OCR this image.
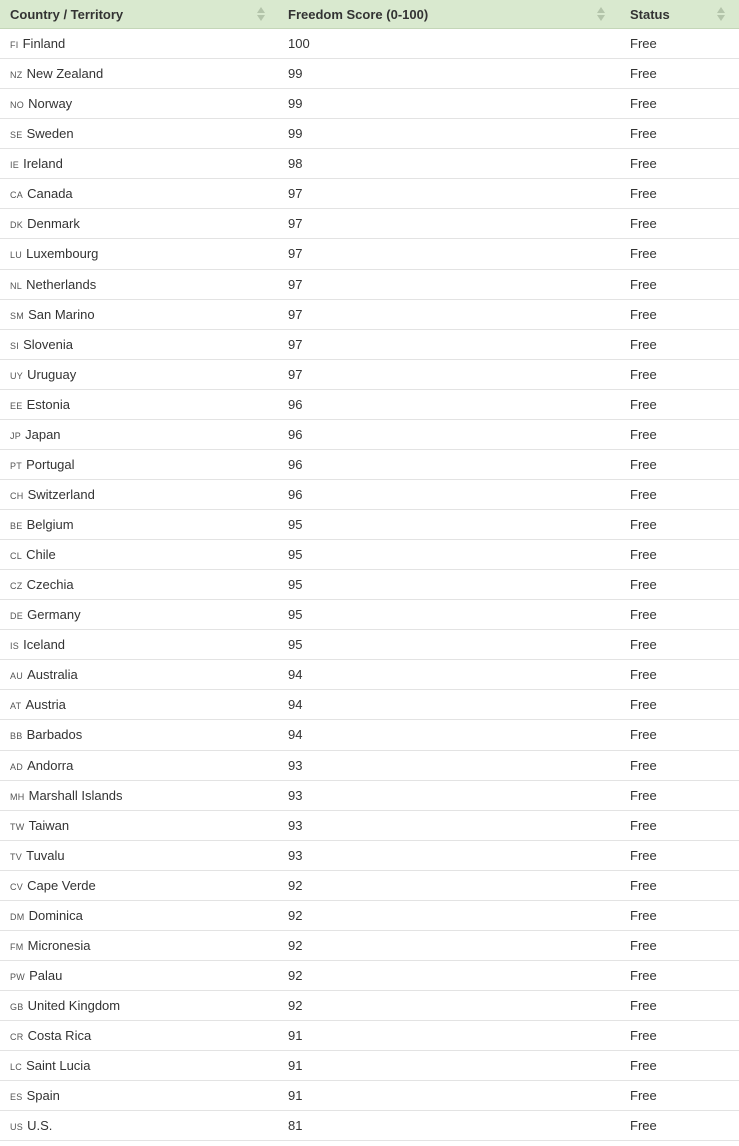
Country / Territory	Freedom Score (0-100)	Status
FI Finland	100	Free
NZ New Zealand	99	Free
NO Norway	99	Free
SE Sweden	99	Free
IE Ireland	98	Free
CA Canada	97	Free
DK Denmark	97	Free
LU Luxembourg	97	Free
NL Netherlands	97	Free
SM San Marino	97	Free
SI Slovenia	97	Free
UY Uruguay	97	Free
EE Estonia	96	Free
JP Japan	96	Free
PT Portugal	96	Free
CH Switzerland	96	Free
BE Belgium	95	Free
CL Chile	95	Free
CZ Czechia	95	Free
DE Germany	95	Free
IS Iceland	95	Free
AU Australia	94	Free
AT Austria	94	Free
BB Barbados	94	Free
AD Andorra	93	Free
MH Marshall Islands	93	Free
TW Taiwan	93	Free
TV Tuvalu	93	Free
CV Cape Verde	92	Free
DM Dominica	92	Free
FM Micronesia	92	Free
PW Palau	92	Free
GB United Kingdom	92	Free
CR Costa Rica	91	Free
LC Saint Lucia	91	Free
ES Spain	91	Free
US U.S.	81	Free
